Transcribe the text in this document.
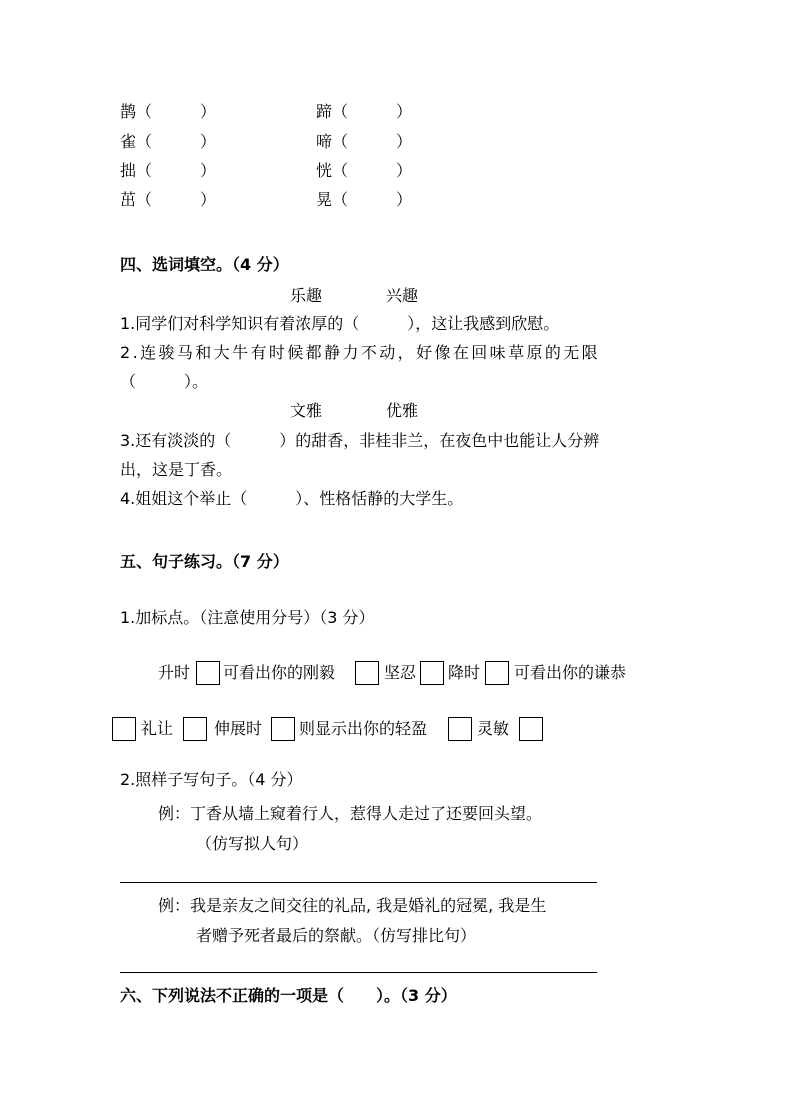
鹊（　　　）	蹄（　　　）
雀（　　　）	啼（　　　）
拙（　　　）	恍（　　　）
茁（　　　）	晃（　　　）
四、选词填空。（4 分）
乐趣　　　　兴趣
1.同学们对科学知识有着浓厚的（　　　），这让我感到欣慰。
2.连骏马和大牛有时候都静力不动，好像在回味草原的无限
（　　　）。
文雅　　　　优雅
3.还有淡淡的（　　　）的甜香，非桂非兰，在夜色中也能让人分辨
出，这是丁香。
4.姐姐这个举止（　　　）、性格恬静的大学生。
五、句子练习。（7 分）
1.加标点。（注意使用分号）（3 分）
升时 可看出你的刚毅	坚忍 降时 可看出你的谦恭
礼让	伸展时 则显示出你的轻盈	灵敏
2.照样子写句子。（4 分）
例：丁香从墙上窥着行人，惹得人走过了还要回头望。
（仿写拟人句）
例：我是亲友之间交往的礼品, 我是婚礼的冠冕, 我是生
者赠予死者最后的祭献。（仿写排比句）
六、下列说法不正确的一项是（　　）。（3 分）
